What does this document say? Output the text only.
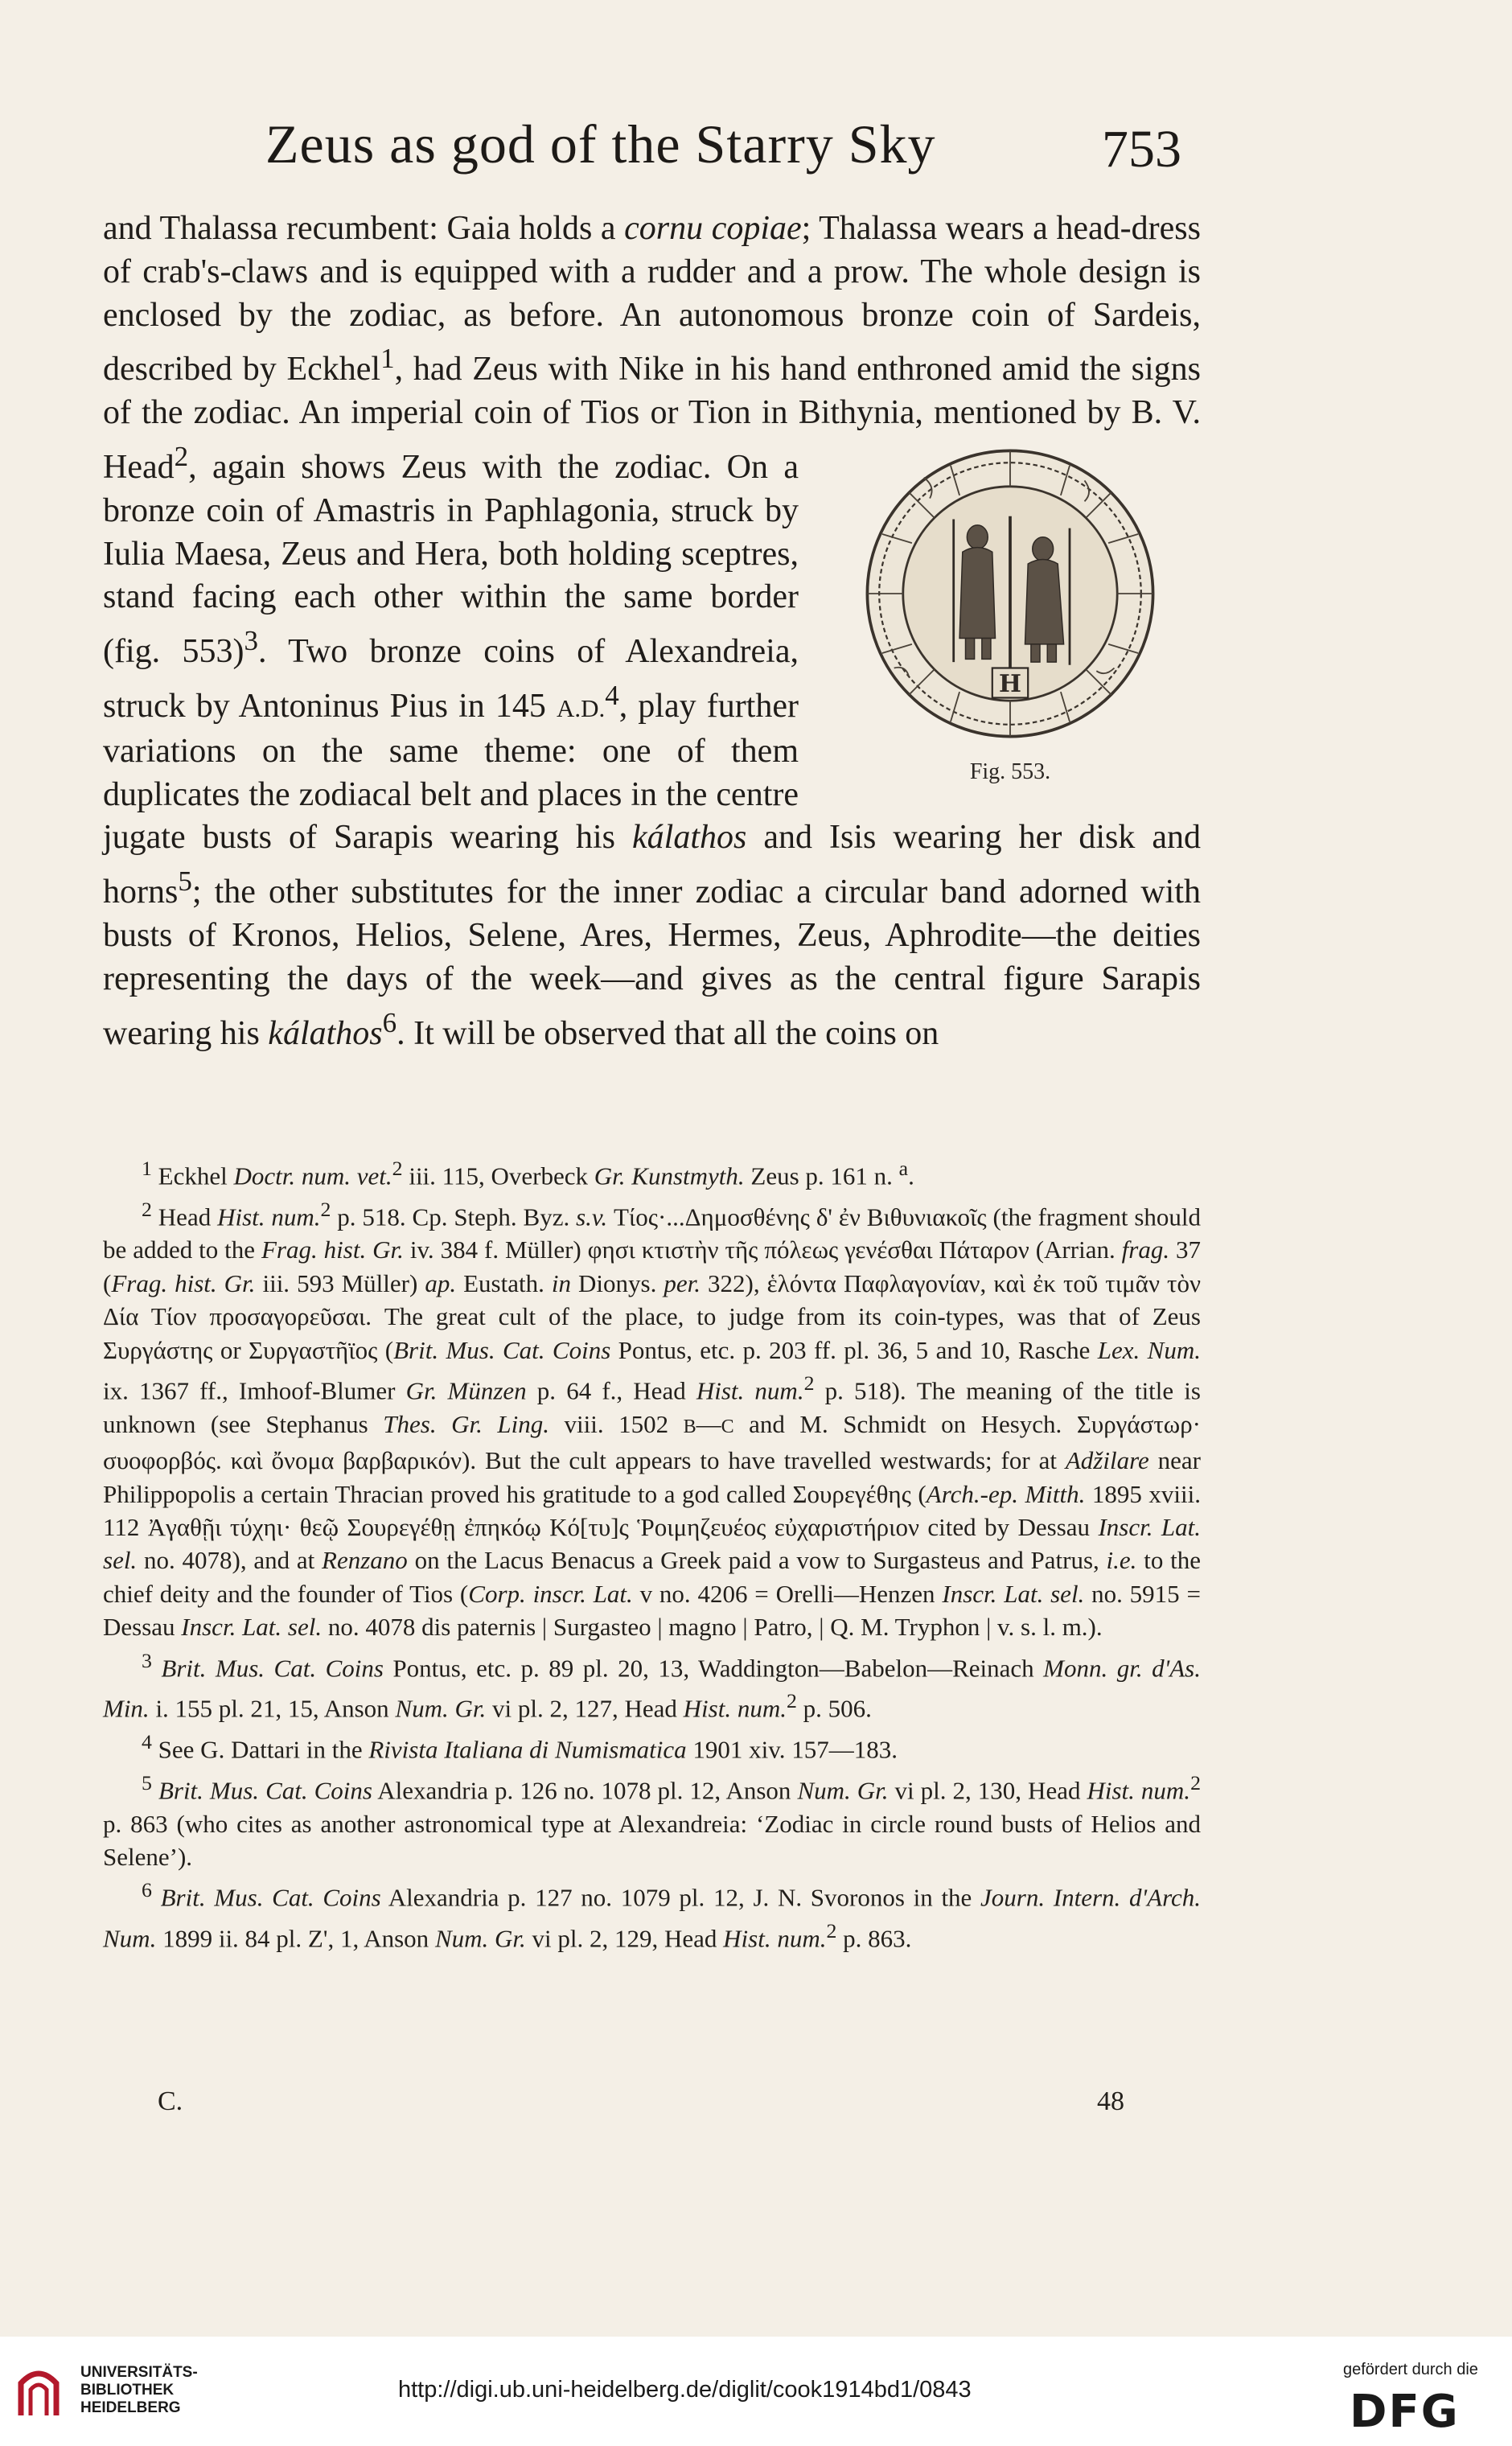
Zeus as god of the Starry Sky	753

and Thalassa recumbent: Gaia holds a cornu copiae; Thalassa wears a head-dress of crab's-claws and is equipped with a rudder and a prow. The whole design is enclosed by the zodiac, as before. An autonomous bronze coin of Sardeis, described by Eckhel$^1$, had Zeus with Nike in his hand enthroned amid the signs of the zodiac. An imperial coin of Tios or Tion in Bithynia, mentioned by B. V. Head$^2$
H
Fig. 553.
, again shows Zeus with the zodiac. On a bronze coin of Amastris in Paphlagonia, struck by Iulia Maesa, Zeus and Hera, both holding sceptres, stand facing each other within the same border (fig. 553)$^3$. Two bronze coins of Alexandreia, struck by Antoninus Pius in 145 A.D.$^4$, play further variations on the same theme: one of them duplicates the zodiacal belt and places in the centre jugate busts of Sarapis wearing his kálathos and Isis wearing her disk and horns$^5$; the other substitutes for the inner zodiac a circular band adorned with busts of Kronos, Helios, Selene, Ares, Hermes, Zeus, Aphrodite—the deities representing the days of the week—and gives as the central figure Sarapis wearing his kálathos$^6$. It will be observed that all the coins on

$^1$ Eckhel Doctr. num. vet.$^2$ iii. 115, Overbeck Gr. Kunstmyth. Zeus p. 161 n. $^a$.

$^2$ Head Hist. num.$^2$ p. 518. Cp. Steph. Byz. s.v. Τίος·...Δημοσθένης δ' ἐν Βιθυνιακοῖς (the fragment should be added to the Frag. hist. Gr. iv. 384 f. Müller) φησι κτιστὴν τῆς πόλεως γενέσθαι Πάταρον (Arrian. frag. 37 (Frag. hist. Gr. iii. 593 Müller) ap. Eustath. in Dionys. per. 322), ἑλόντα Παφλαγονίαν, καὶ ἐκ τοῦ τιμᾶν τὸν Δία Τίον προσαγορεῦσαι. The great cult of the place, to judge from its coin-types, was that of Zeus Συργάστης or Συργαστῆϊος (Brit. Mus. Cat. Coins Pontus, etc. p. 203 ff. pl. 36, 5 and 10, Rasche Lex. Num. ix. 1367 ff., Imhoof-Blumer Gr. Münzen p. 64 f., Head Hist. num.$^2$ p. 518). The meaning of the title is unknown (see Stephanus Thes. Gr. Ling. viii. 1502 B—C and M. Schmidt on Hesych. Συργάστωρ· συοφορβός. καὶ ὄνομα βαρβαρικόν). But the cult appears to have travelled westwards; for at Adžilare near Philippopolis a certain Thracian proved his gratitude to a god called Σουρεγέθης (Arch.-ep. Mitth. 1895 xviii. 112 Ἀγαθῇι τύχηι· θεῷ Σουρεγέθῃ ἐπηκόῳ Κό[τυ]ς Ῥοιμηζευέος εὐχαριστήριον cited by Dessau Inscr. Lat. sel. no. 4078), and at Renzano on the Lacus Benacus a Greek paid a vow to Surgasteus and Patrus, i.e. to the chief deity and the founder of Tios (Corp. inscr. Lat. v no. 4206 = Orelli—Henzen Inscr. Lat. sel. no. 5915 = Dessau Inscr. Lat. sel. no. 4078 dis paternis | Surgasteo | magno | Patro, | Q. M. Tryphon | v. s. l. m.).

$^3$ Brit. Mus. Cat. Coins Pontus, etc. p. 89 pl. 20, 13, Waddington—Babelon—Reinach Monn. gr. d'As. Min. i. 155 pl. 21, 15, Anson Num. Gr. vi pl. 2, 127, Head Hist. num.$^2$ p. 506.

$^4$ See G. Dattari in the Rivista Italiana di Numismatica 1901 xiv. 157—183.

$^5$ Brit. Mus. Cat. Coins Alexandria p. 126 no. 1078 pl. 12, Anson Num. Gr. vi pl. 2, 130, Head Hist. num.$^2$ p. 863 (who cites as another astronomical type at Alexandreia: ‘Zodiac in circle round busts of Helios and Selene’).

$^6$ Brit. Mus. Cat. Coins Alexandria p. 127 no. 1079 pl. 12, J. N. Svoronos in the Journ. Intern. d'Arch. Num. 1899 ii. 84 pl. Z', 1, Anson Num. Gr. vi pl. 2, 129, Head Hist. num.$^2$ p. 863.

C.	48
UNIVERSITÄTS-
BIBLIOTHEK
HEIDELBERG
http://digi.ub.uni-heidelberg.de/diglit/cook1914bd1/0843
gefördert durch die
DFG
